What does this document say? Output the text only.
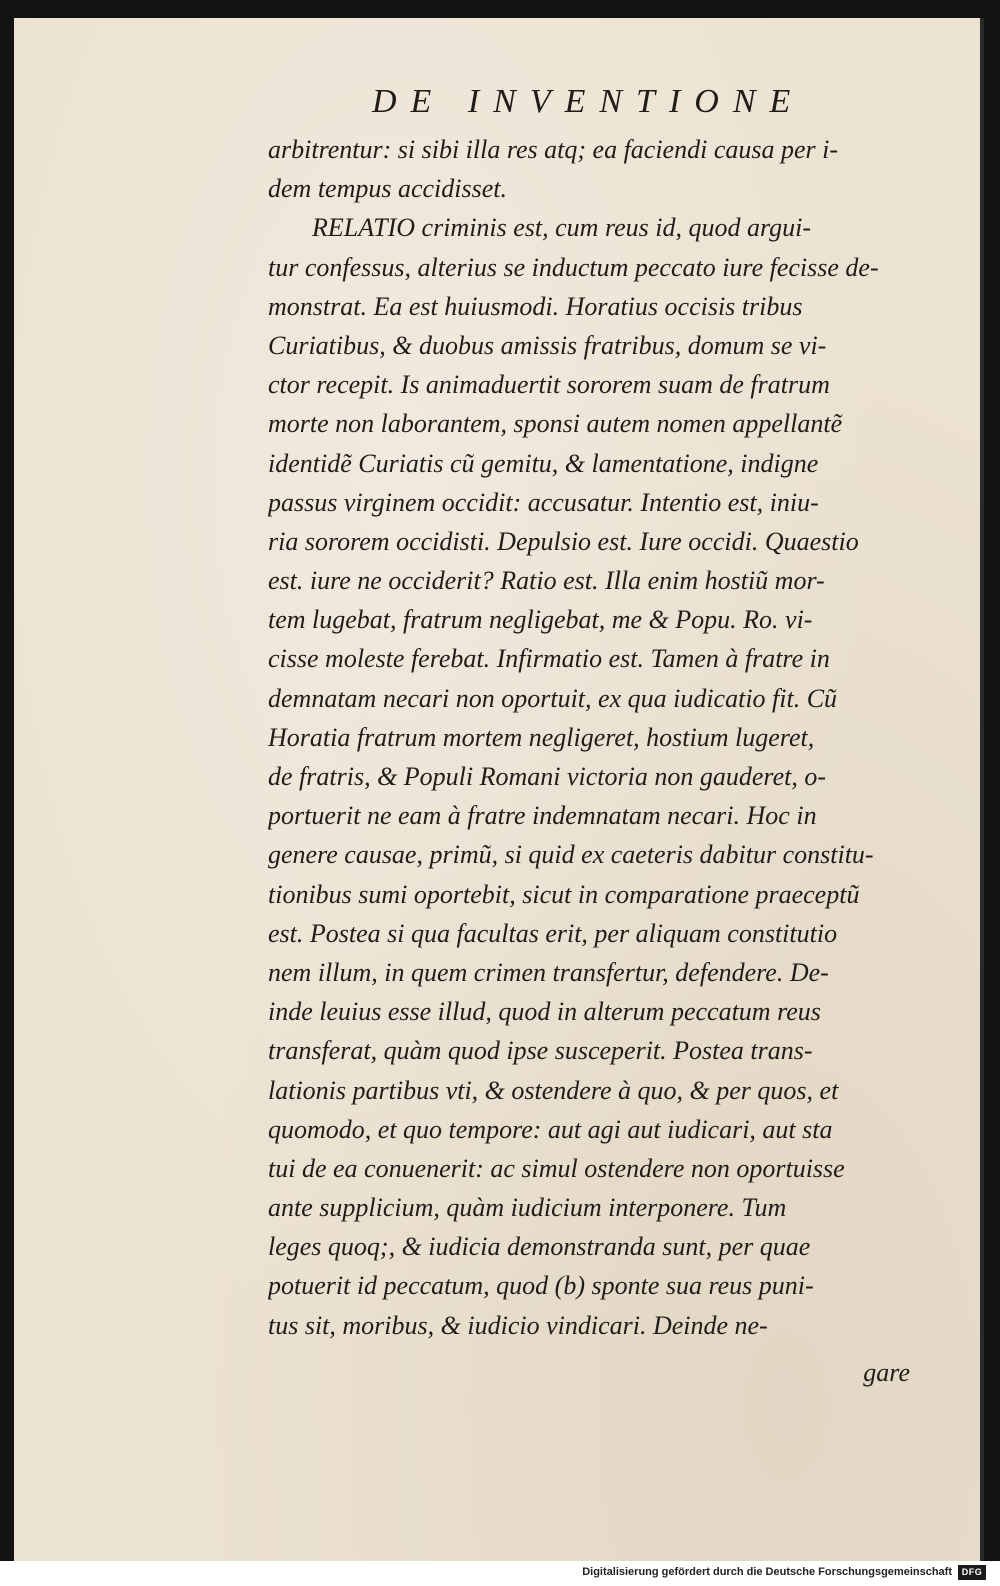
DE INVENTIONE
arbitrentur: si sibi illa res atq; ea faciendi causa per i-
dem tempus accidisset.
RELATIO criminis est, cum reus id, quod argui-
tur confessus, alterius se inductum peccato iure fecisse de-
monstrat. Ea est huiusmodi. Horatius occisis tribus
Curiatibus, & duobus amissis fratribus, domum se vi-
ctor recepit. Is animaduertit sororem suam de fratrum
morte non laborantem, sponsi autem nomen appellantẽ
identidẽ Curiatis cũ gemitu, & lamentatione, indigne
passus virginem occidit: accusatur. Intentio est, iniu-
ria sororem occidisti. Depulsio est. Iure occidi. Quaestio
est. iure ne occiderit? Ratio est. Illa enim hostiũ mor-
tem lugebat, fratrum negligebat, me & Popu. Ro. vi-
cisse moleste ferebat. Infirmatio est. Tamen à fratre in
demnatam necari non oportuit, ex qua iudicatio fit. Cũ
Horatia fratrum mortem negligeret, hostium lugeret,
de fratris, & Populi Romani victoria non gauderet, o-
portuerit ne eam à fratre indemnatam necari. Hoc in
genere causae, primũ, si quid ex caeteris dabitur constitu-
tionibus sumi oportebit, sicut in comparatione praeceptũ
est. Postea si qua facultas erit, per aliquam constitutio
nem illum, in quem crimen transfertur, defendere. De-
inde leuius esse illud, quod in alterum peccatum reus
transferat, quàm quod ipse susceperit. Postea trans-
lationis partibus vti, & ostendere à quo, & per quos, et
quomodo, et quo tempore: aut agi aut iudicari, aut sta
tui de ea conuenerit: ac simul ostendere non oportuisse
ante supplicium, quàm iudicium interponere. Tum
leges quoq;, & iudicia demonstranda sunt, per quae
potuerit id peccatum, quod (b) sponte sua reus puni-
tus sit, moribus, & iudicio vindicari. Deinde ne-
gare
Digitalisierung gefördert durch die Deutsche Forschungsgemeinschaft	DFG
